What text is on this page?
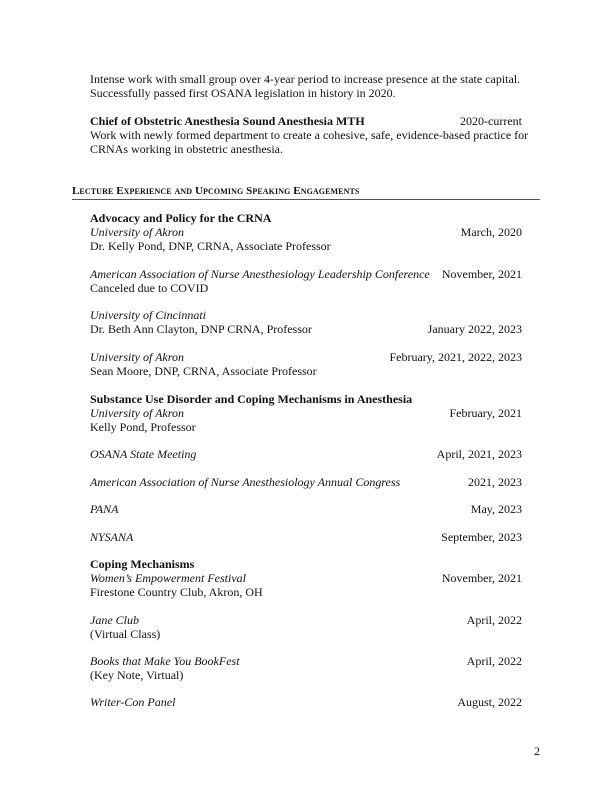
Intense work with small group over 4-year period to increase presence at the state capital.
Successfully passed first OSANA legislation in history in 2020.
Chief of Obstetric Anesthesia Sound Anesthesia MTH	2020-current
Work with newly formed department to create a cohesive, safe, evidence-based practice for
CRNAs working in obstetric anesthesia.
Lecture Experience and Upcoming Speaking Engagements
Advocacy and Policy for the CRNA
University of Akron	March, 2020
Dr. Kelly Pond, DNP, CRNA, Associate Professor
American Association of Nurse Anesthesiology Leadership Conference November, 2021
Canceled due to COVID
University of Cincinnati
Dr. Beth Ann Clayton, DNP CRNA, Professor	January 2022, 2023
University of Akron	February, 2021, 2022, 2023
Sean Moore, DNP, CRNA, Associate Professor
Substance Use Disorder and Coping Mechanisms in Anesthesia
University of Akron	February, 2021
Kelly Pond, Professor
OSANA State Meeting	April, 2021, 2023
American Association of Nurse Anesthesiology Annual Congress	2021, 2023
PANA	May, 2023
NYSANA	September, 2023
Coping Mechanisms
Women’s Empowerment Festival	November, 2021
Firestone Country Club, Akron, OH
Jane Club	April, 2022
(Virtual Class)
Books that Make You BookFest	April, 2022
(Key Note, Virtual)
Writer-Con Panel	August, 2022
2
